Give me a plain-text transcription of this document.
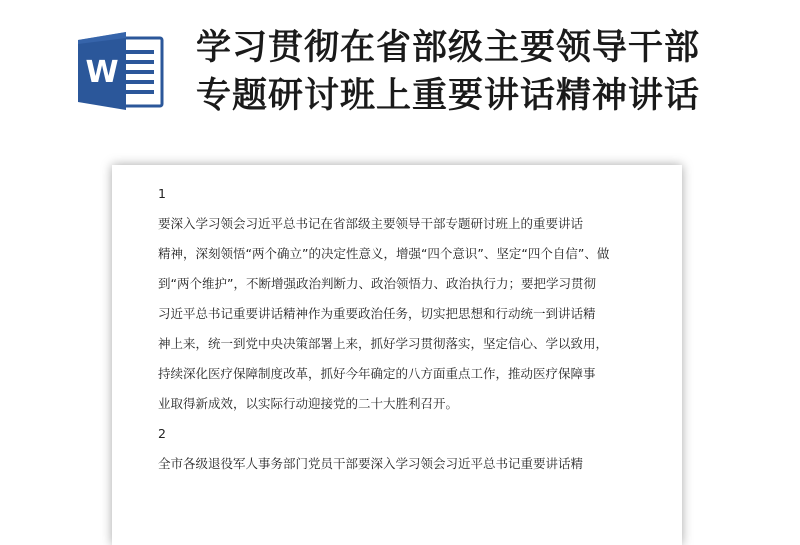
W
学习贯彻在省部级主要领导干部
专题研讨班上重要讲话精神讲话
1
要深入学习领会习近平总书记在省部级主要领导干部专题研讨班上的重要讲话
精神，深刻领悟“两个确立”的决定性意义，增强“四个意识”、坚定“四个自信”、做
到“两个维护”，不断增强政治判断力、政治领悟力、政治执行力；要把学习贯彻
习近平总书记重要讲话精神作为重要政治任务，切实把思想和行动统一到讲话精
神上来，统一到党中央决策部署上来，抓好学习贯彻落实，坚定信心、学以致用，
持续深化医疗保障制度改革，抓好今年确定的八方面重点工作，推动医疗保障事
业取得新成效，以实际行动迎接党的二十大胜利召开。
2
全市各级退役军人事务部门党员干部要深入学习领会习近平总书记重要讲话精
